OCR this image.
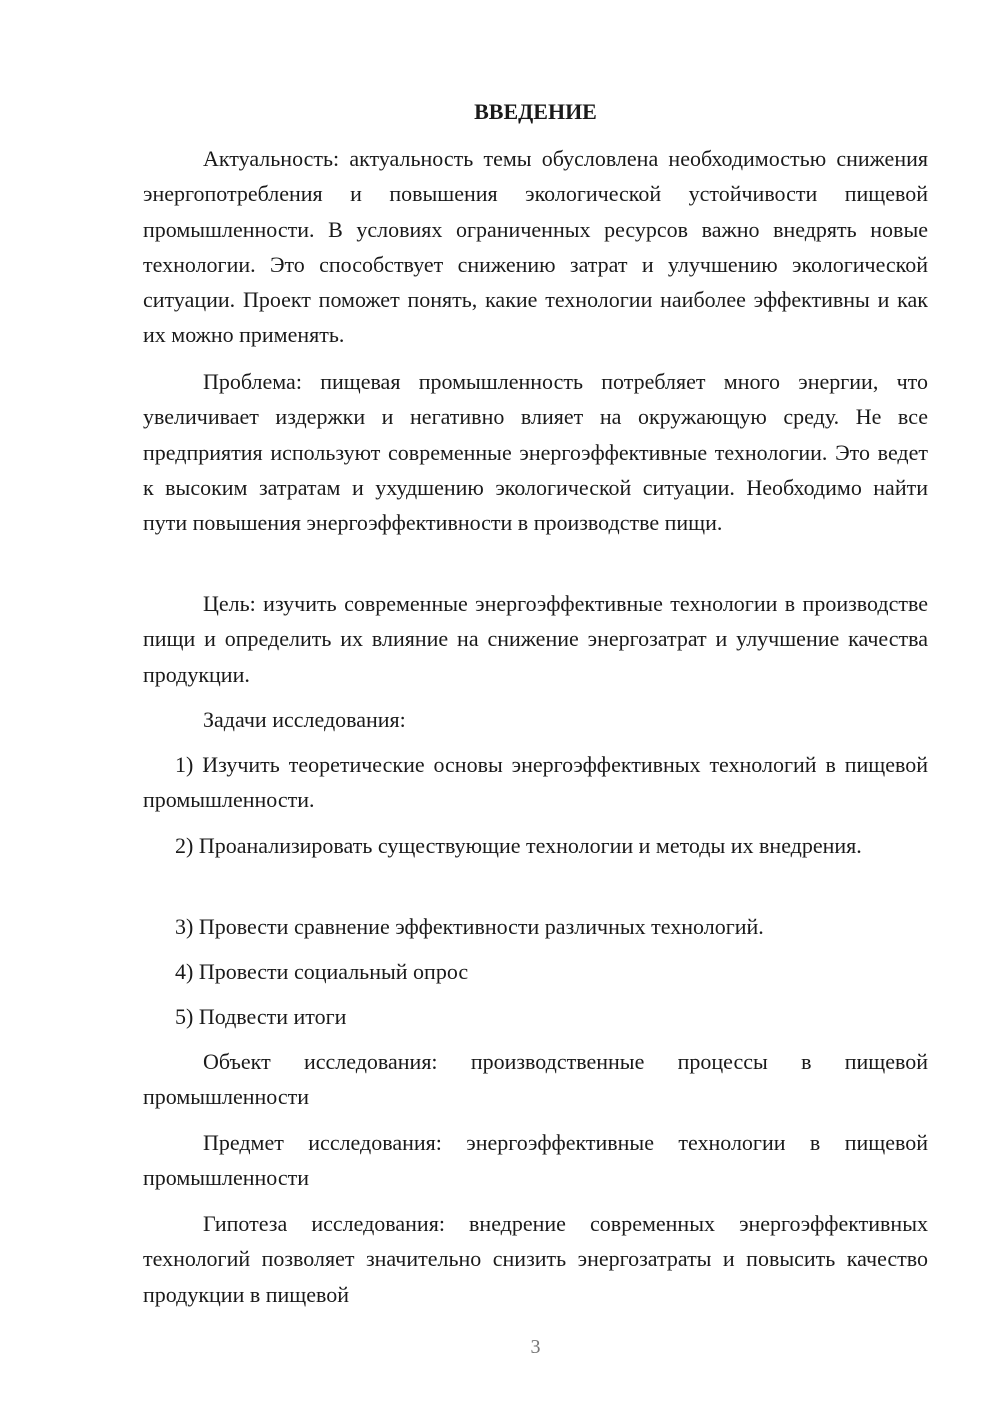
ВВЕДЕНИЕ

Актуальность: актуальность темы обусловлена необходимостью снижения энергопотребления и повышения экологической устойчивости пищевой промышленности. В условиях ограниченных ресурсов важно внедрять новые технологии. Это способствует снижению затрат и улучшению экологической ситуации. Проект поможет понять, какие технологии наиболее эффективны и как их можно применять.

Проблема: пищевая промышленность потребляет много энергии, что увеличивает издержки и негативно влияет на окружающую среду. Не все предприятия используют современные энергоэффективные технологии. Это ведет к высоким затратам и ухудшению экологической ситуации. Необходимо найти пути повышения энергоэффективности в производстве пищи.

Цель: изучить современные энергоэффективные технологии в производстве пищи и определить их влияние на снижение энергозатрат и улучшение качества продукции.

Задачи исследования:

1) Изучить теоретические основы энергоэффективных технологий в пищевой промышленности.

2) Проанализировать существующие технологии и методы их внедрения.

3) Провести сравнение эффективности различных технологий.

4) Провести социальный опрос

5) Подвести итоги

Объект исследования: производственные процессы в пищевой промышленности

Предмет исследования: энергоэффективные технологии в пищевой промышленности

Гипотеза исследования: внедрение современных энергоэффективных технологий позволяет значительно снизить энергозатраты и повысить качество продукции в пищевой

3
